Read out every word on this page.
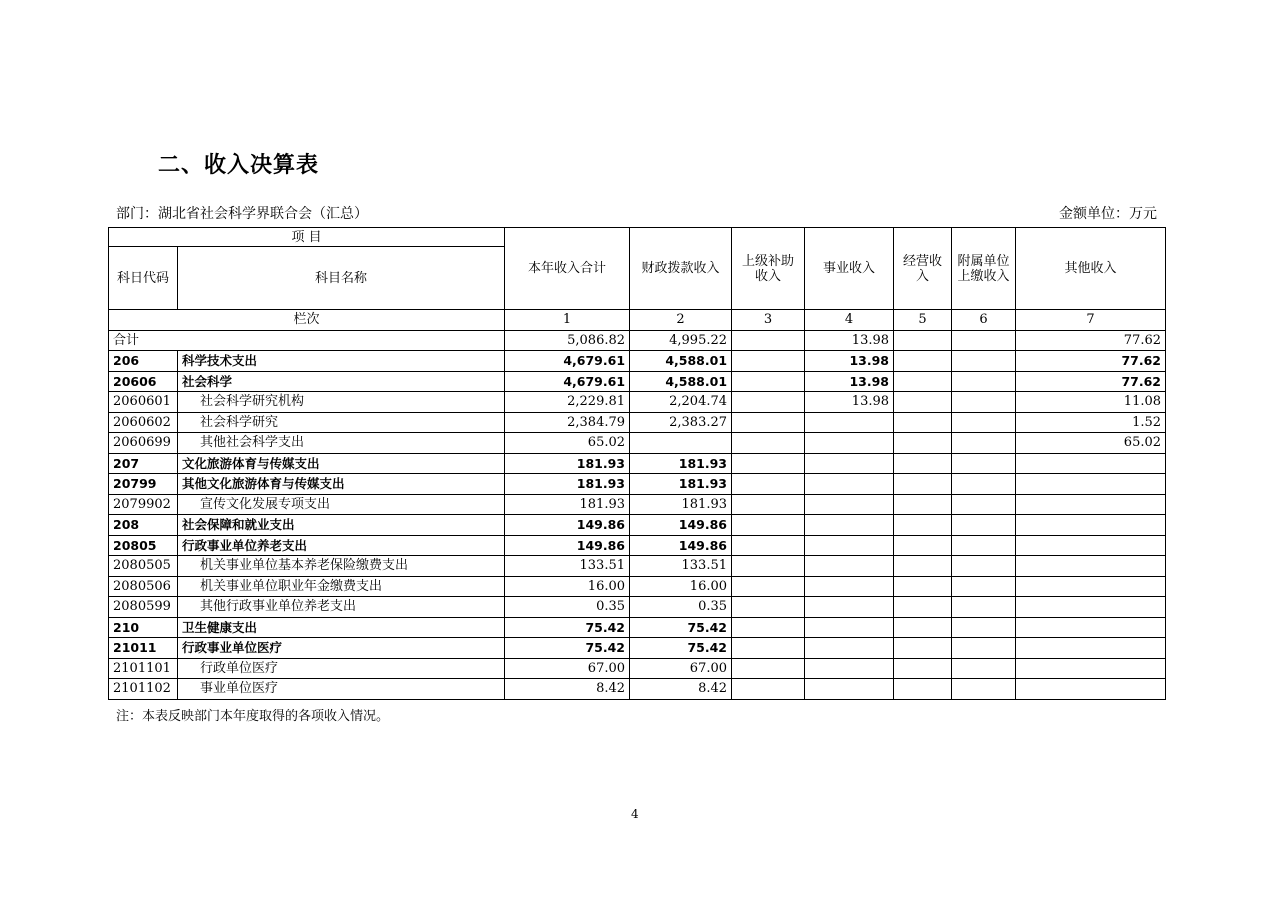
二、收入决算表
部门：湖北省社会科学界联合会（汇总）	金额单位：万元
项 目		本年收入合计	财政拨款收入	上级补助收入	事业收入	经营收入	附属单位上缴收入	其他收入
科日代码	科目名称							
栏次		1	2	3	4	5	6	7
合计		5,086.82	4,995.22		13.98			77.62
206	科学技术支出	4,679.61	4,588.01		13.98			77.62
20606	社会科学	4,679.61	4,588.01		13.98			77.62
2060601	社会科学研究机构	2,229.81	2,204.74		13.98			11.08
2060602	社会科学研究	2,384.79	2,383.27					1.52
2060699	其他社会科学支出	65.02						65.02
207	文化旅游体育与传媒支出	181.93	181.93					
20799	其他文化旅游体育与传媒支出	181.93	181.93					
2079902	宣传文化发展专项支出	181.93	181.93					
208	社会保障和就业支出	149.86	149.86					
20805	行政事业单位养老支出	149.86	149.86					
2080505	机关事业单位基本养老保险缴费支出	133.51	133.51					
2080506	机关事业单位职业年金缴费支出	16.00	16.00					
2080599	其他行政事业单位养老支出	0.35	0.35					
210	卫生健康支出	75.42	75.42					
21011	行政事业单位医疗	75.42	75.42					
2101101	行政单位医疗	67.00	67.00					
2101102	事业单位医疗	8.42	8.42					
注：本表反映部门本年度取得的各项收入情况。
4
